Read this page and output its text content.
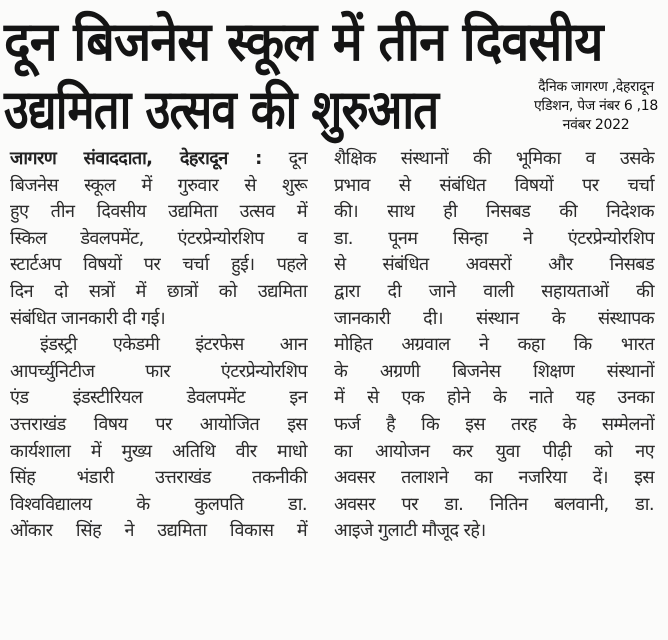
दून बिजनेस स्कूल में तीन दिवसीय
उद्यमिता उत्सव की शुरुआत	दैनिक जागरण ,देहरादून
एडिशन, पेज नंबर 6 ,18
नवंबर 2022
जागरण संवाददाता, देहरादून : दून
बिजनेस स्कूल में गुरुवार से शुरू
हुए तीन दिवसीय उद्यमिता उत्सव में
स्किल डेवलपमेंट, एंटरप्रेन्योरशिप व
स्टार्टअप विषयों पर चर्चा हुई। पहले
दिन दो सत्रों में छात्रों को उद्यमिता
संबंधित जानकारी दी गई।
इंडस्ट्री एकेडमी इंटरफेस आन
आपर्च्युनिटीज फार एंटरप्रेन्योरशिप
एंड इंडस्टीरियल डेवलपमेंट इन
उत्तराखंड विषय पर आयोजित इस
कार्यशाला में मुख्य अतिथि वीर माधो
सिंह भंडारी उत्तराखंड तकनीकी
विश्वविद्यालय के कुलपति डा.
ओंकार सिंह ने उद्यमिता विकास में
शैक्षिक संस्थानों की भूमिका व उसके
प्रभाव से संबंधित विषयों पर चर्चा
की। साथ ही निसबड की निदेशक
डा. पूनम सिन्हा ने एंटरप्रेन्योरशिप
से संबंधित अवसरों और निसबड
द्वारा दी जाने वाली सहायताओं की
जानकारी दी। संस्थान के संस्थापक
मोहित अग्रवाल ने कहा कि भारत
के अग्रणी बिजनेस शिक्षण संस्थानों
में से एक होने के नाते यह उनका
फर्ज है कि इस तरह के सम्मेलनों
का आयोजन कर युवा पीढ़ी को नए
अवसर तलाशने का नजरिया दें। इस
अवसर पर डा. नितिन बलवानी, डा.
आइजे गुलाटी मौजूद रहे।
